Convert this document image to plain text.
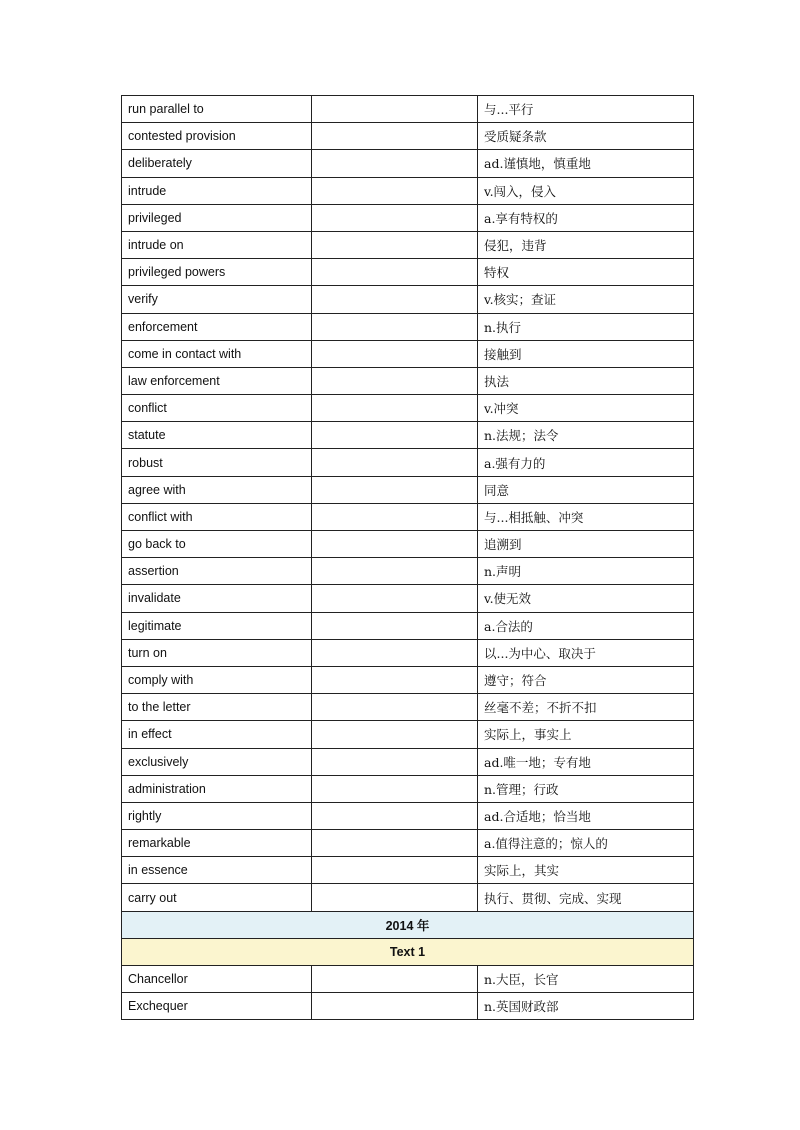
run parallel to		与...平行
contested provision		受质疑条款
deliberately		ad.谨慎地，慎重地
intrude		v.闯入，侵入
privileged		a.享有特权的
intrude on		侵犯，违背
privileged powers		特权
verify		v.核实；查证
enforcement		n.执行
come in contact with		接触到
law enforcement		执法
conflict		v.冲突
statute		n.法规；法令
robust		a.强有力的
agree with		同意
conflict with		与...相抵触、冲突
go back to		追溯到
assertion		n.声明
invalidate		v.使无效
legitimate		a.合法的
turn on		以...为中心、取决于
comply with		遵守；符合
to the letter		丝毫不差；不折不扣
in effect		实际上，事实上
exclusively		ad.唯一地；专有地
administration		n.管理；行政
rightly		ad.合适地；恰当地
remarkable		a.值得注意的；惊人的
in essence		实际上，其实
carry out		执行、贯彻、完成、实现
2014 年		
Text 1		
Chancellor		n.大臣，长官
Exchequer		n.英国财政部
